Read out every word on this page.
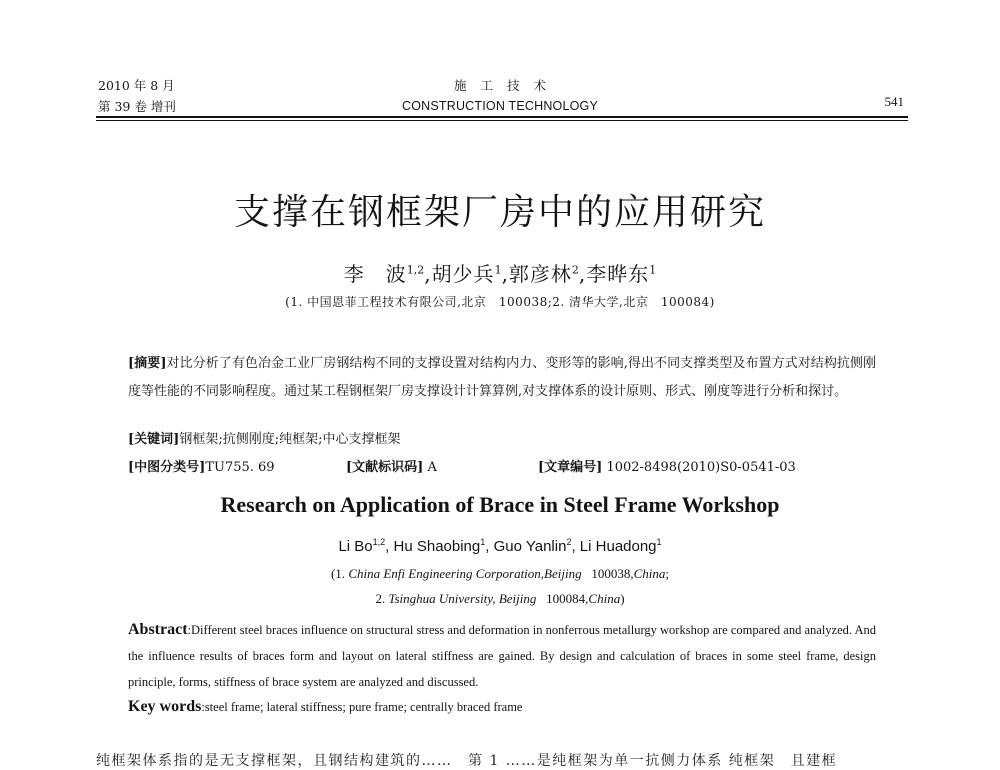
2010 年 8 月
第 39 卷 增刊
施工技术
CONSTRUCTION TECHNOLOGY	541
支撑在钢框架厂房中的应用研究
李　波$^{1,2}$,胡少兵$^1$,郭彦林$^2$,李晔东$^1$
(1. 中国恩菲工程技术有限公司,北京　100038;2. 清华大学,北京　100084)
[摘要]对比分析了有色冶金工业厂房钢结构不同的支撑设置对结构内力、变形等的影响,得出不同支撑类型及布置方式对结构抗侧刚度等性能的不同影响程度。通过某工程钢框架厂房支撑设计计算算例,对支撑体系的设计原则、形式、刚度等进行分析和探讨。
[关键词]钢框架;抗侧刚度;纯框架;中心支撑框架
[中图分类号]TU755. 69	[文献标识码] A	[文章编号] 1002-8498(2010)S0-0541-03
Research on Application of Brace in Steel Frame Workshop
Li Bo$^{1,2}$, Hu Shaobing$^1$, Guo Yanlin$^2$, Li Huadong$^1$
(1. China Enfi Engineering Corporation,Beijing 100038,China;
2. Tsinghua University, Beijing 100084,China)
Abstract:Different steel braces influence on structural stress and deformation in nonferrous metallurgy workshop are compared and analyzed. And the influence results of braces form and layout on lateral stiffness are gained. By design and calculation of braces in some steel frame, design principle, forms, stiffness of brace system are analyzed and discussed.
Key words:steel frame; lateral stiffness; pure frame; centrally braced frame
纯框架体系指的是无支撑框架，且钢结构建筑的……　第 1 ……是纯框架为单一抗侧力体系 纯框架　且建框
